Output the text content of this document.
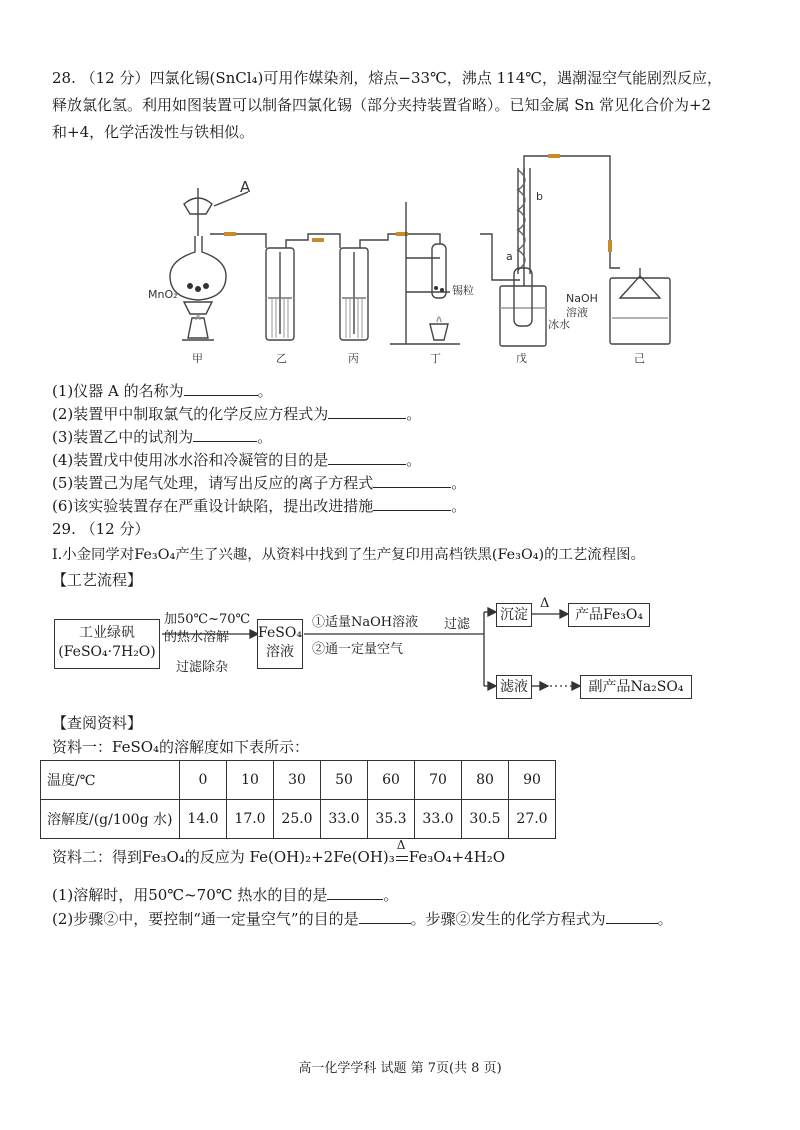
28. （12 分）四氯化锡(SnCl₄)可用作媒染剂，熔点−33℃，沸点 114℃，遇潮湿空气能剧烈反应，
释放氯化氢。利用如图装置可以制备四氯化锡（部分夹持装置省略）。已知金属 Sn 常见化合价为+2
和+4，化学活泼性与铁相似。
A
MnO₂	锡粒
a
b
NaOH
溶液
冰水
甲	乙	丙	丁	戊	己
(1)仪器 A 的名称为	。
(2)装置甲中制取氯气的化学反应方程式为	。
(3)装置乙中的试剂为	。
(4)装置戊中使用冰水浴和冷凝管的目的是	。
(5)装置己为尾气处理，请写出反应的离子方程式	。
(6)该实验装置存在严重设计缺陷，提出改进措施	。
29. （12 分）
I.小金同学对Fe₃O₄产生了兴趣，从资料中找到了生产复印用高档铁黑(Fe₃O₄)的工艺流程图。
【工艺流程】
工业绿矾
(FeSO₄·7H₂O)
加50℃~70℃
的热水溶解
过滤除杂
FeSO₄
溶液
①适量NaOH溶液
②通一定量空气
过滤
沉淀
Δ
产品Fe₃O₄
滤液	副产品Na₂SO₄
【查阅资料】
资料一：FeSO₄的溶解度如下表所示：
温度/℃	0	10	30	50	60	70	80	90
溶解度/(g/100g 水)	14.0	17.0	25.0	33.0	35.3	33.0	30.5	27.0
资料二：得到Fe₃O₄的反应为 Fe(OH)₂+2Fe(OH)₃
Δ
Fe₃O₄+4H₂O
(1)溶解时，用50℃~70℃ 热水的目的是	。
(2)步骤②中，要控制“通一定量空气”的目的是	。步骤②发生的化学方程式为	。
高一化学学科 试题 第 7页(共 8 页)
